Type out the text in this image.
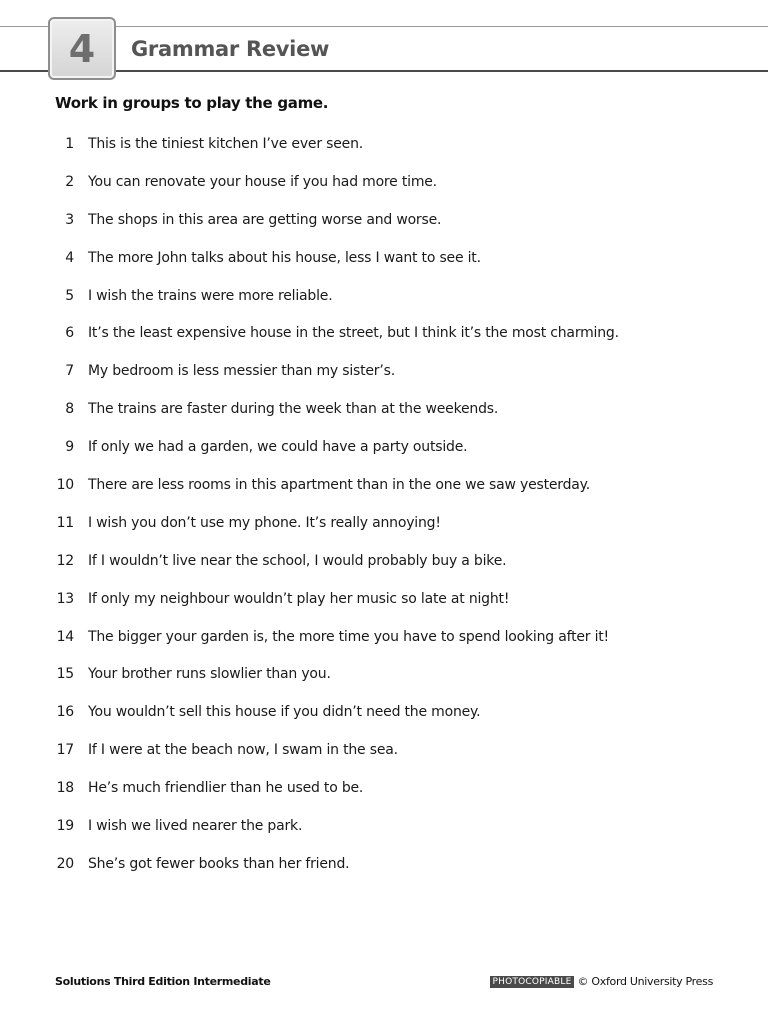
4 Grammar Review
Work in groups to play the game.
1 This is the tiniest kitchen I’ve ever seen.
2 You can renovate your house if you had more time.
3 The shops in this area are getting worse and worse.
4 The more John talks about his house, less I want to see it.
5 I wish the trains were more reliable.
6 It’s the least expensive house in the street, but I think it’s the most charming.
7 My bedroom is less messier than my sister’s.
8 The trains are faster during the week than at the weekends.
9 If only we had a garden, we could have a party outside.
10 There are less rooms in this apartment than in the one we saw yesterday.
11 I wish you don’t use my phone. It’s really annoying!
12 If I wouldn’t live near the school, I would probably buy a bike.
13 If only my neighbour wouldn’t play her music so late at night!
14 The bigger your garden is, the more time you have to spend looking after it!
15 Your brother runs slowlier than you.
16 You wouldn’t sell this house if you didn’t need the money.
17 If I were at the beach now, I swam in the sea.
18 He’s much friendlier than he used to be.
19 I wish we lived nearer the park.
20 She’s got fewer books than her friend.
Solutions Third Edition Intermediate	PHOTOCOPIABLE © Oxford University Press
